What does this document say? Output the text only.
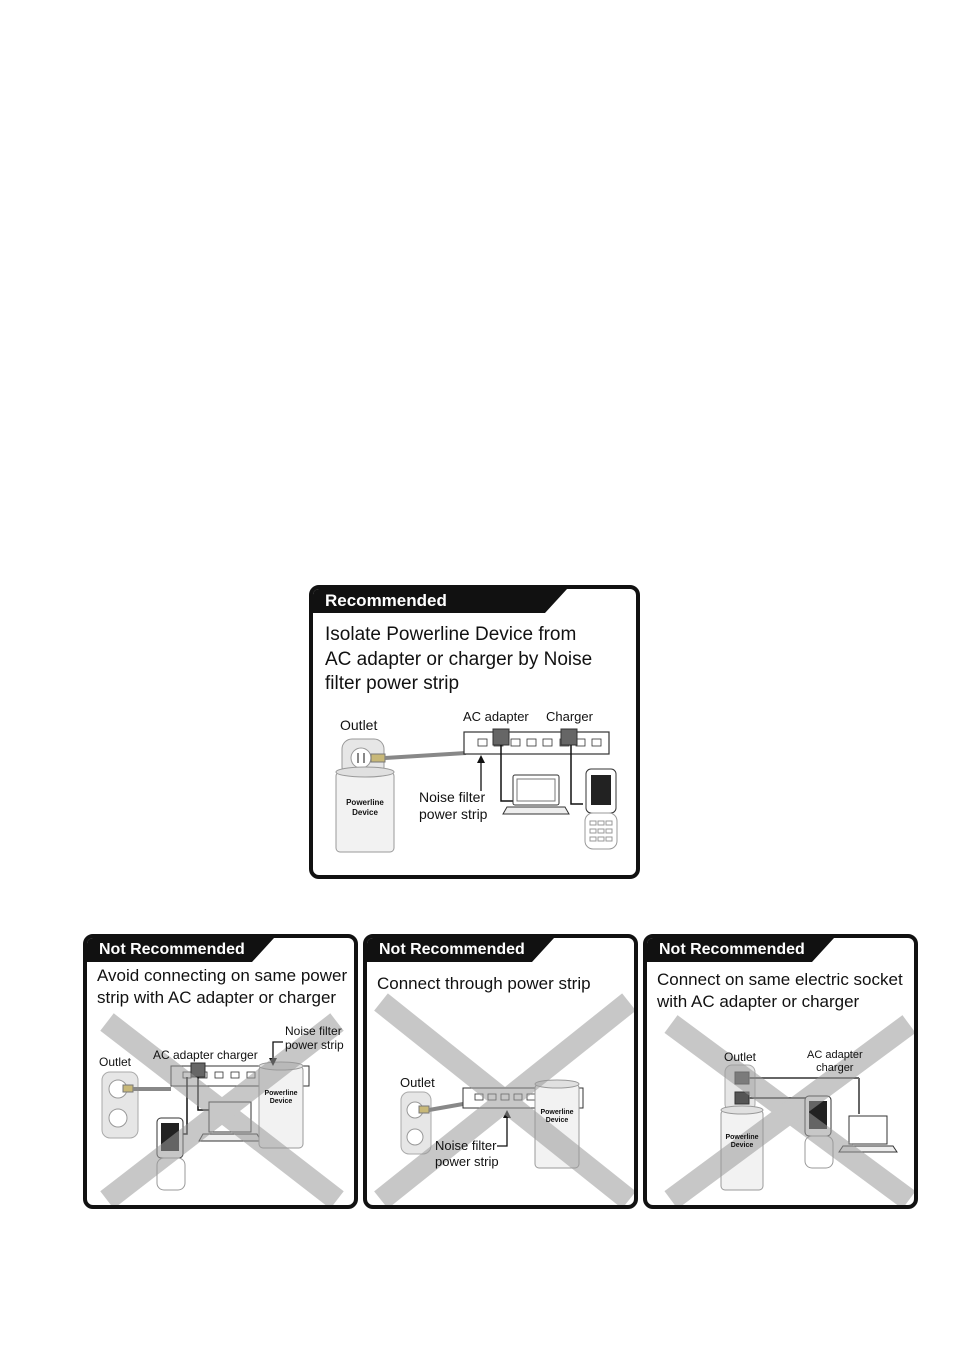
Recommended
Isolate Powerline Device from
AC adapter or charger by Noise
filter power strip
Outlet
AC adapter Charger
Noise filter
power strip
Powerline
Device
Not Recommended
Avoid connecting on same power
strip with AC adapter or charger
Noise filter
power strip
Outlet AC adapter charger
Powerline
Device
Not Recommended
Connect through power strip
Outlet
Noise filter
power strip
Powerline
Device
Not Recommended
Connect on same electric socket
with AC adapter or charger
Outlet	AC adapter
charger
Powerline
Device
